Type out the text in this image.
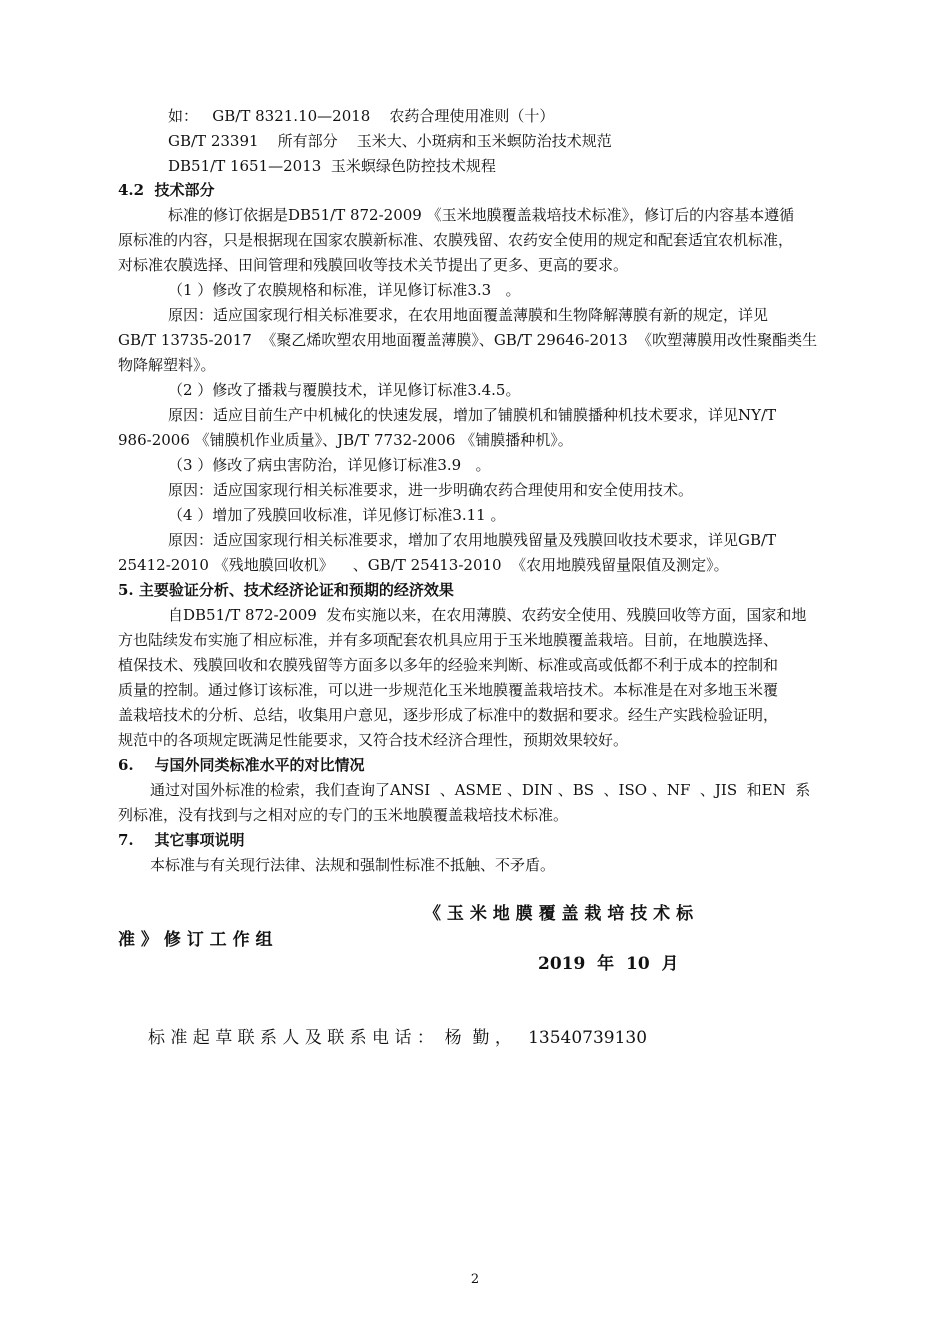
如：   GB/T 8321.10—2018    农药合理使用准则（十）
GB/T 23391    所有部分    玉米大、小斑病和玉米螟防治技术规范
DB51/T 1651—2013  玉米螟绿色防控技术规程
4.2  技术部分
标准的修订依据是DB51/T 872-2009 《玉米地膜覆盖栽培技术标准》，修订后的内容基本遵循
原标准的内容，只是根据现在国家农膜新标准、农膜残留、农药安全使用的规定和配套适宜农机标准，
对标准农膜选择、田间管理和残膜回收等技术关节提出了更多、更高的要求。
（1 ）修改了农膜规格和标准，详见修订标准3.3   。
原因：适应国家现行相关标准要求，在农用地面覆盖薄膜和生物降解薄膜有新的规定，详见
GB/T 13735-2017  《聚乙烯吹塑农用地面覆盖薄膜》、GB/T 29646-2013  《吹塑薄膜用改性聚酯类生
物降解塑料》。
（2 ）修改了播栽与覆膜技术，详见修订标准3.4.5。
原因：适应目前生产中机械化的快速发展，增加了铺膜机和铺膜播种机技术要求，详见NY/T
986-2006 《铺膜机作业质量》、JB/T 7732-2006 《铺膜播种机》。
（3 ）修改了病虫害防治，详见修订标准3.9   。
原因：适应国家现行相关标准要求，进一步明确农药合理使用和安全使用技术。
（4 ）增加了残膜回收标准，详见修订标准3.11 。
原因：适应国家现行相关标准要求，增加了农用地膜残留量及残膜回收技术要求，详见GB/T
25412-2010 《残地膜回收机》    、GB/T 25413-2010  《农用地膜残留量限值及测定》。
5. 主要验证分析、技术经济论证和预期的经济效果
自DB51/T 872-2009  发布实施以来，在农用薄膜、农药安全使用、残膜回收等方面，国家和地
方也陆续发布实施了相应标准，并有多项配套农机具应用于玉米地膜覆盖栽培。目前，在地膜选择、
植保技术、残膜回收和农膜残留等方面多以多年的经验来判断、标准或高或低都不利于成本的控制和
质量的控制。通过修订该标准，可以进一步规范化玉米地膜覆盖栽培技术。本标准是在对多地玉米覆
盖栽培技术的分析、总结，收集用户意见，逐步形成了标准中的数据和要求。经生产实践检验证明，
规范中的各项规定既满足性能要求，又符合技术经济合理性，预期效果较好。
6.    与国外同类标准水平的对比情况
通过对国外标准的检索，我们查询了ANSI  、ASME 、DIN 、BS  、ISO 、NF  、JIS  和EN  系
列标准，没有找到与之相对应的专门的玉米地膜覆盖栽培技术标准。
7.    其它事项说明
本标准与有关现行法律、法规和强制性标准不抵触、不矛盾。
《 玉 米 地 膜 覆 盖 栽 培 技 术 标
准 》 修 订 工 作 组
2019  年  10  月
标 准 起 草 联 系 人 及 联 系 电 话 ：  杨  勤 ，   13540739130
2
